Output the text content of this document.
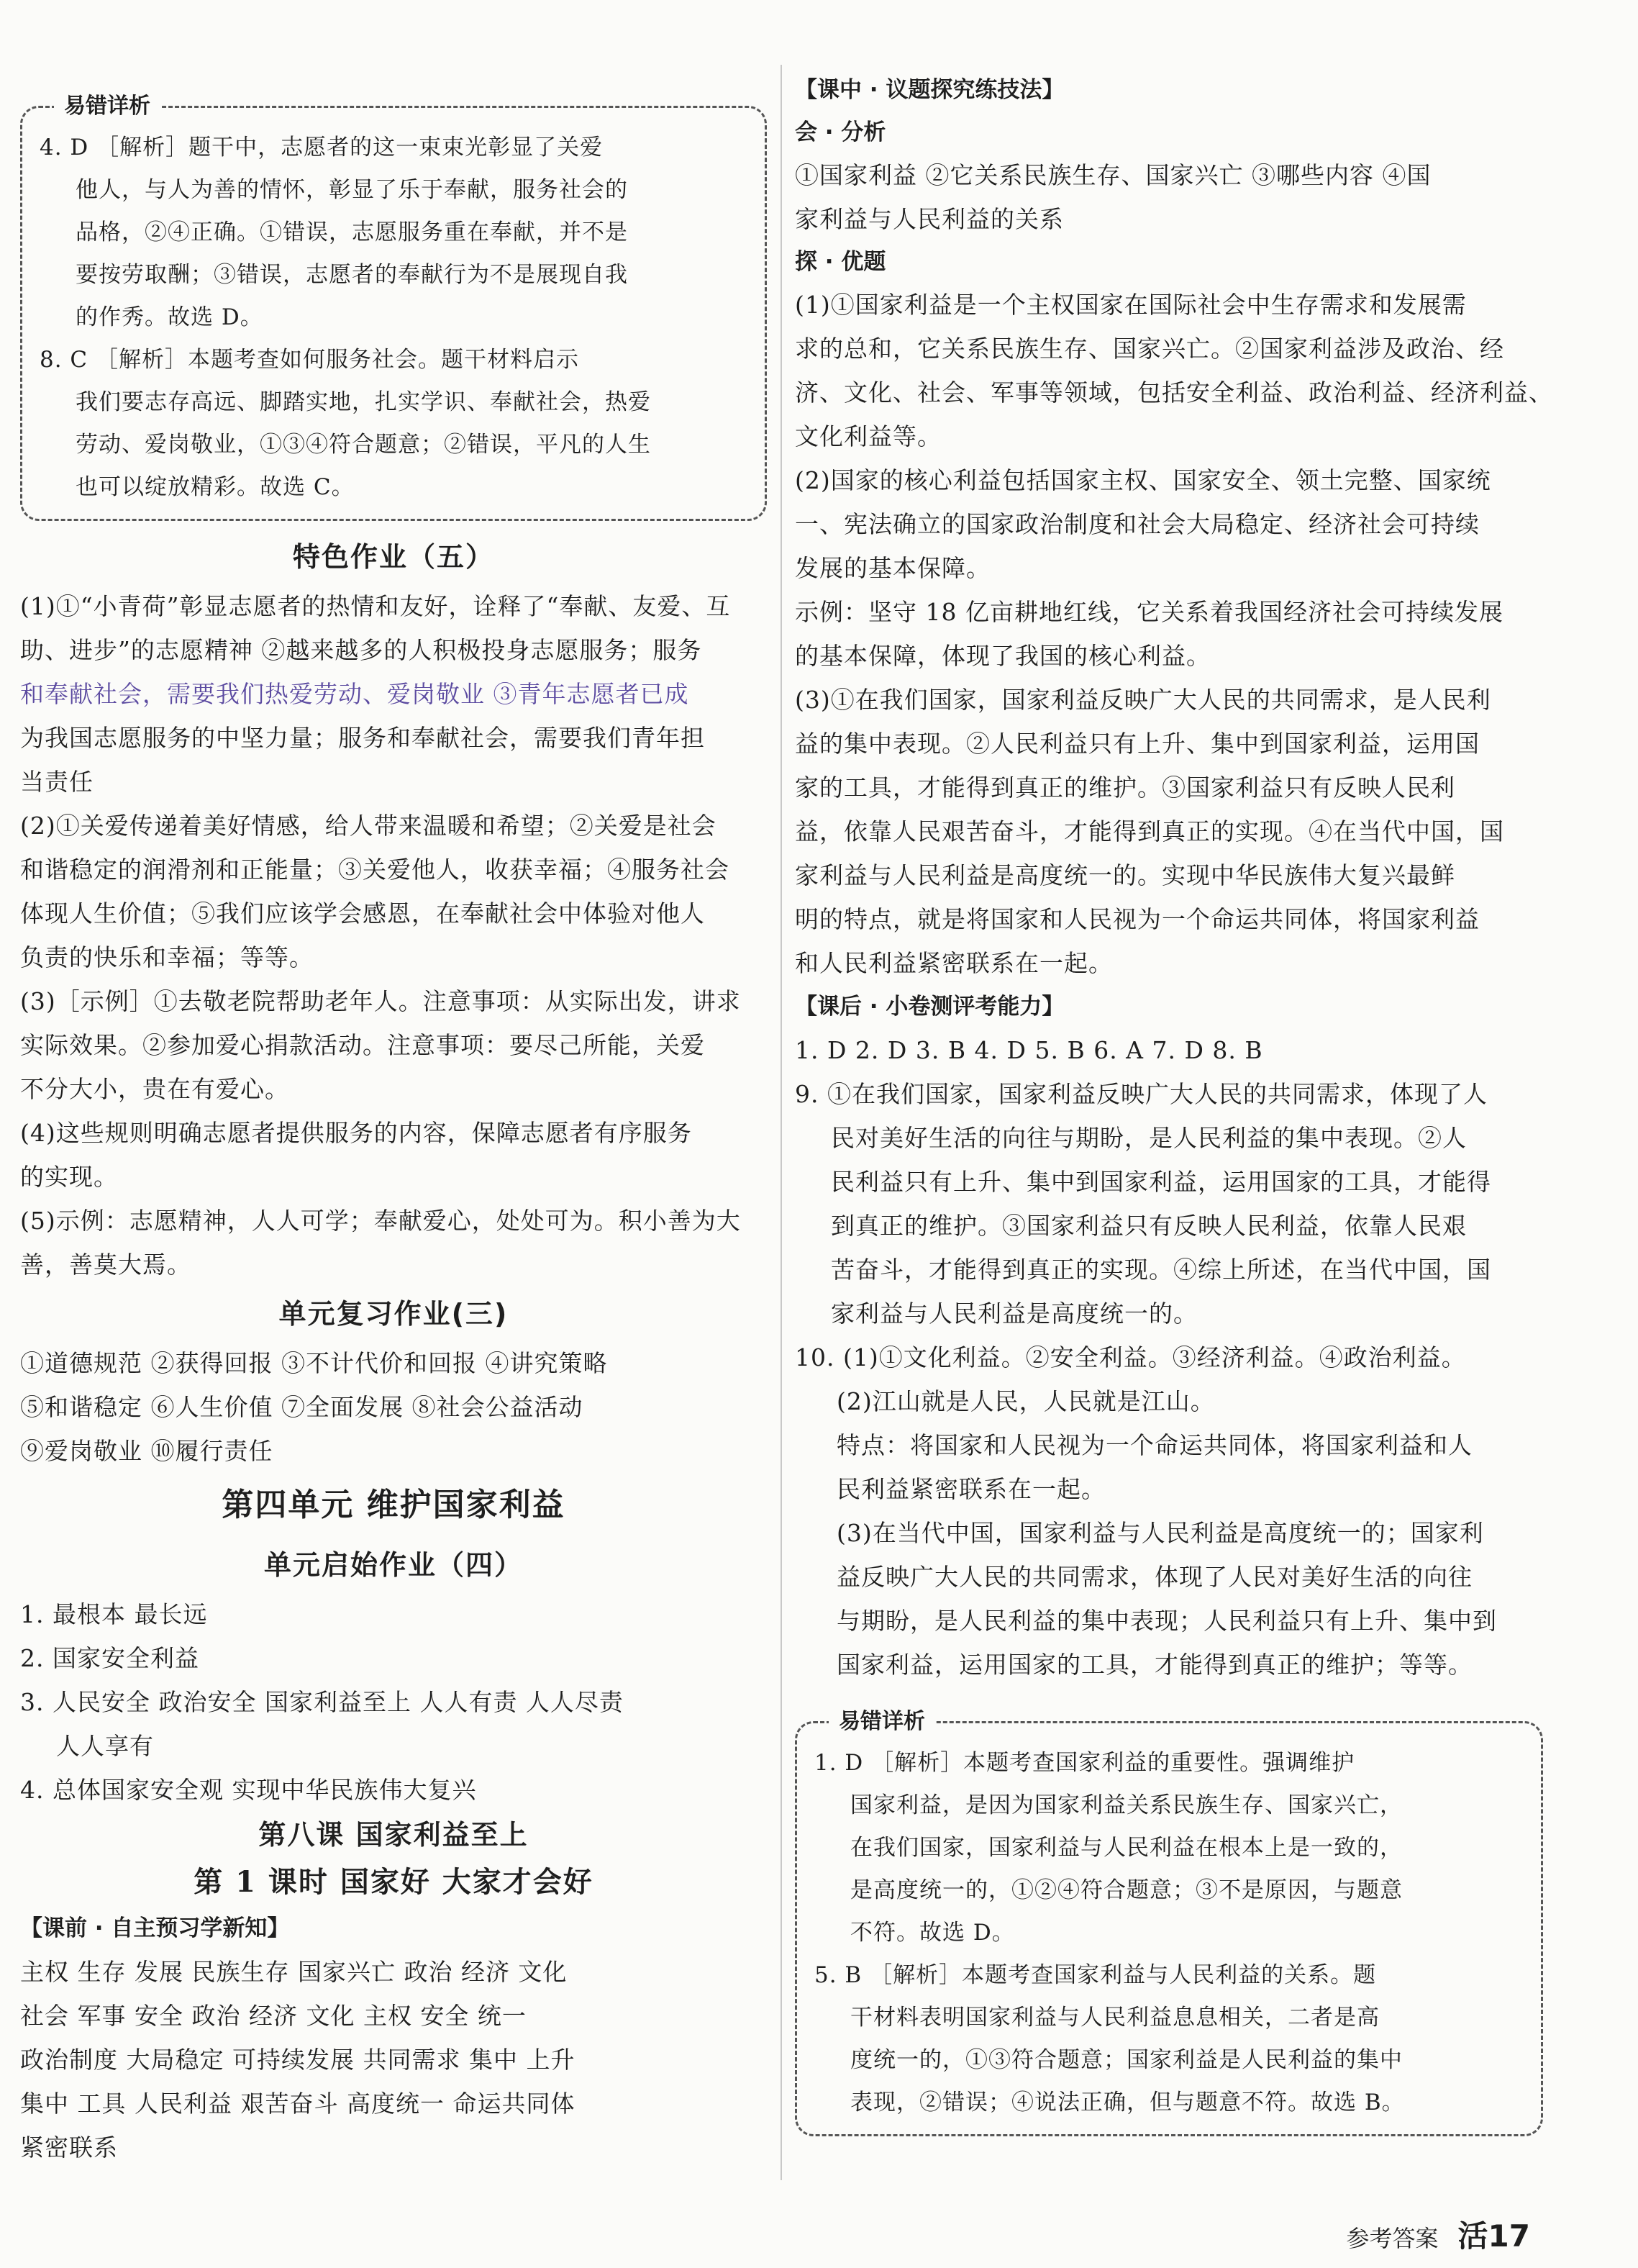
易错详析
4. D ［解析］题干中，志愿者的这一束束光彰显了关爱
他人，与人为善的情怀，彰显了乐于奉献，服务社会的
品格，②④正确。①错误，志愿服务重在奉献，并不是
要按劳取酬；③错误，志愿者的奉献行为不是展现自我
的作秀。故选 D。
8. C ［解析］本题考查如何服务社会。题干材料启示
我们要志存高远、脚踏实地，扎实学识、奉献社会，热爱
劳动、爱岗敬业，①③④符合题意；②错误，平凡的人生
也可以绽放精彩。故选 C。
特色作业（五）
(1)①“小青荷”彰显志愿者的热情和友好，诠释了“奉献、友爱、互
助、进步”的志愿精神 ②越来越多的人积极投身志愿服务；服务
和奉献社会，需要我们热爱劳动、爱岗敬业 ③青年志愿者已成
为我国志愿服务的中坚力量；服务和奉献社会，需要我们青年担
当责任
(2)①关爱传递着美好情感，给人带来温暖和希望；②关爱是社会
和谐稳定的润滑剂和正能量；③关爱他人，收获幸福；④服务社会
体现人生价值；⑤我们应该学会感恩，在奉献社会中体验对他人
负责的快乐和幸福；等等。
(3)［示例］①去敬老院帮助老年人。注意事项：从实际出发，讲求
实际效果。②参加爱心捐款活动。注意事项：要尽己所能，关爱
不分大小，贵在有爱心。
(4)这些规则明确志愿者提供服务的内容，保障志愿者有序服务
的实现。
(5)示例：志愿精神，人人可学；奉献爱心，处处可为。积小善为大
善，善莫大焉。
单元复习作业(三)
①道德规范 ②获得回报 ③不计代价和回报 ④讲究策略
⑤和谐稳定 ⑥人生价值 ⑦全面发展 ⑧社会公益活动
⑨爱岗敬业 ⑩履行责任
第四单元 维护国家利益
单元启始作业（四）
1. 最根本 最长远
2. 国家安全利益
3. 人民安全 政治安全 国家利益至上 人人有责 人人尽责
人人享有
4. 总体国家安全观 实现中华民族伟大复兴
第八课 国家利益至上
第 1 课时 国家好 大家才会好
【课前 · 自主预习学新知】
主权 生存 发展 民族生存 国家兴亡 政治 经济 文化
社会 军事 安全 政治 经济 文化 主权 安全 统一
政治制度 大局稳定 可持续发展 共同需求 集中 上升
集中 工具 人民利益 艰苦奋斗 高度统一 命运共同体
紧密联系
【课中 · 议题探究练技法】
会 · 分析
①国家利益 ②它关系民族生存、国家兴亡 ③哪些内容 ④国
家利益与人民利益的关系
探 · 优题
(1)①国家利益是一个主权国家在国际社会中生存需求和发展需
求的总和，它关系民族生存、国家兴亡。②国家利益涉及政治、经
济、文化、社会、军事等领域，包括安全利益、政治利益、经济利益、
文化利益等。
(2)国家的核心利益包括国家主权、国家安全、领土完整、国家统
一、宪法确立的国家政治制度和社会大局稳定、经济社会可持续
发展的基本保障。
示例：坚守 18 亿亩耕地红线，它关系着我国经济社会可持续发展
的基本保障，体现了我国的核心利益。
(3)①在我们国家，国家利益反映广大人民的共同需求，是人民利
益的集中表现。②人民利益只有上升、集中到国家利益，运用国
家的工具，才能得到真正的维护。③国家利益只有反映人民利
益，依靠人民艰苦奋斗，才能得到真正的实现。④在当代中国，国
家利益与人民利益是高度统一的。实现中华民族伟大复兴最鲜
明的特点，就是将国家和人民视为一个命运共同体，将国家利益
和人民利益紧密联系在一起。
【课后 · 小卷测评考能力】
1. D 2. D 3. B 4. D 5. B 6. A 7. D 8. B
9. ①在我们国家，国家利益反映广大人民的共同需求，体现了人
民对美好生活的向往与期盼，是人民利益的集中表现。②人
民利益只有上升、集中到国家利益，运用国家的工具，才能得
到真正的维护。③国家利益只有反映人民利益，依靠人民艰
苦奋斗，才能得到真正的实现。④综上所述，在当代中国，国
家利益与人民利益是高度统一的。
10. (1)①文化利益。②安全利益。③经济利益。④政治利益。
(2)江山就是人民，人民就是江山。
特点：将国家和人民视为一个命运共同体，将国家利益和人
民利益紧密联系在一起。
(3)在当代中国，国家利益与人民利益是高度统一的；国家利
益反映广大人民的共同需求，体现了人民对美好生活的向往
与期盼，是人民利益的集中表现；人民利益只有上升、集中到
国家利益，运用国家的工具，才能得到真正的维护；等等。
易错详析
1. D ［解析］本题考查国家利益的重要性。强调维护
国家利益，是因为国家利益关系民族生存、国家兴亡，
在我们国家，国家利益与人民利益在根本上是一致的，
是高度统一的，①②④符合题意；③不是原因，与题意
不符。故选 D。
5. B ［解析］本题考查国家利益与人民利益的关系。题
干材料表明国家利益与人民利益息息相关，二者是高
度统一的，①③符合题意；国家利益是人民利益的集中
表现，②错误；④说法正确，但与题意不符。故选 B。
参考答案 活17
